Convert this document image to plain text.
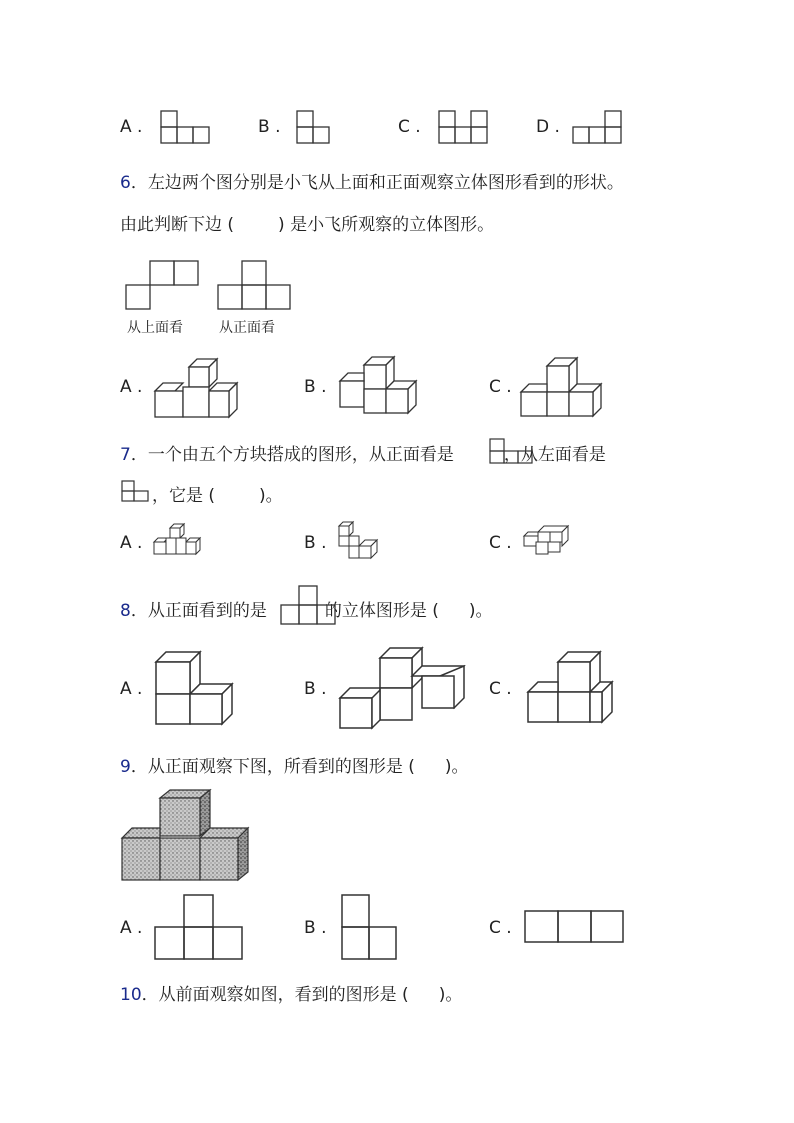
A .	B .	C .	D .
6．左边两个图分别是小飞从上面和正面观察立体图形看到的形状。
由此判断下边 (	) 是小飞所观察的立体图形。
从上面看	从正面看
A .	B .	C .
7．一个由五个方块搭成的图形，从正面看是	，从左面看是
，它是 (	)。
A .	B .	C .
8．从正面看到的是	的立体图形是 ( )。
A .	B .	C .
9．从正面观察下图，所看到的图形是 ( )。
A .	B .	C .
10．从前面观察如图，看到的图形是 ( )。
